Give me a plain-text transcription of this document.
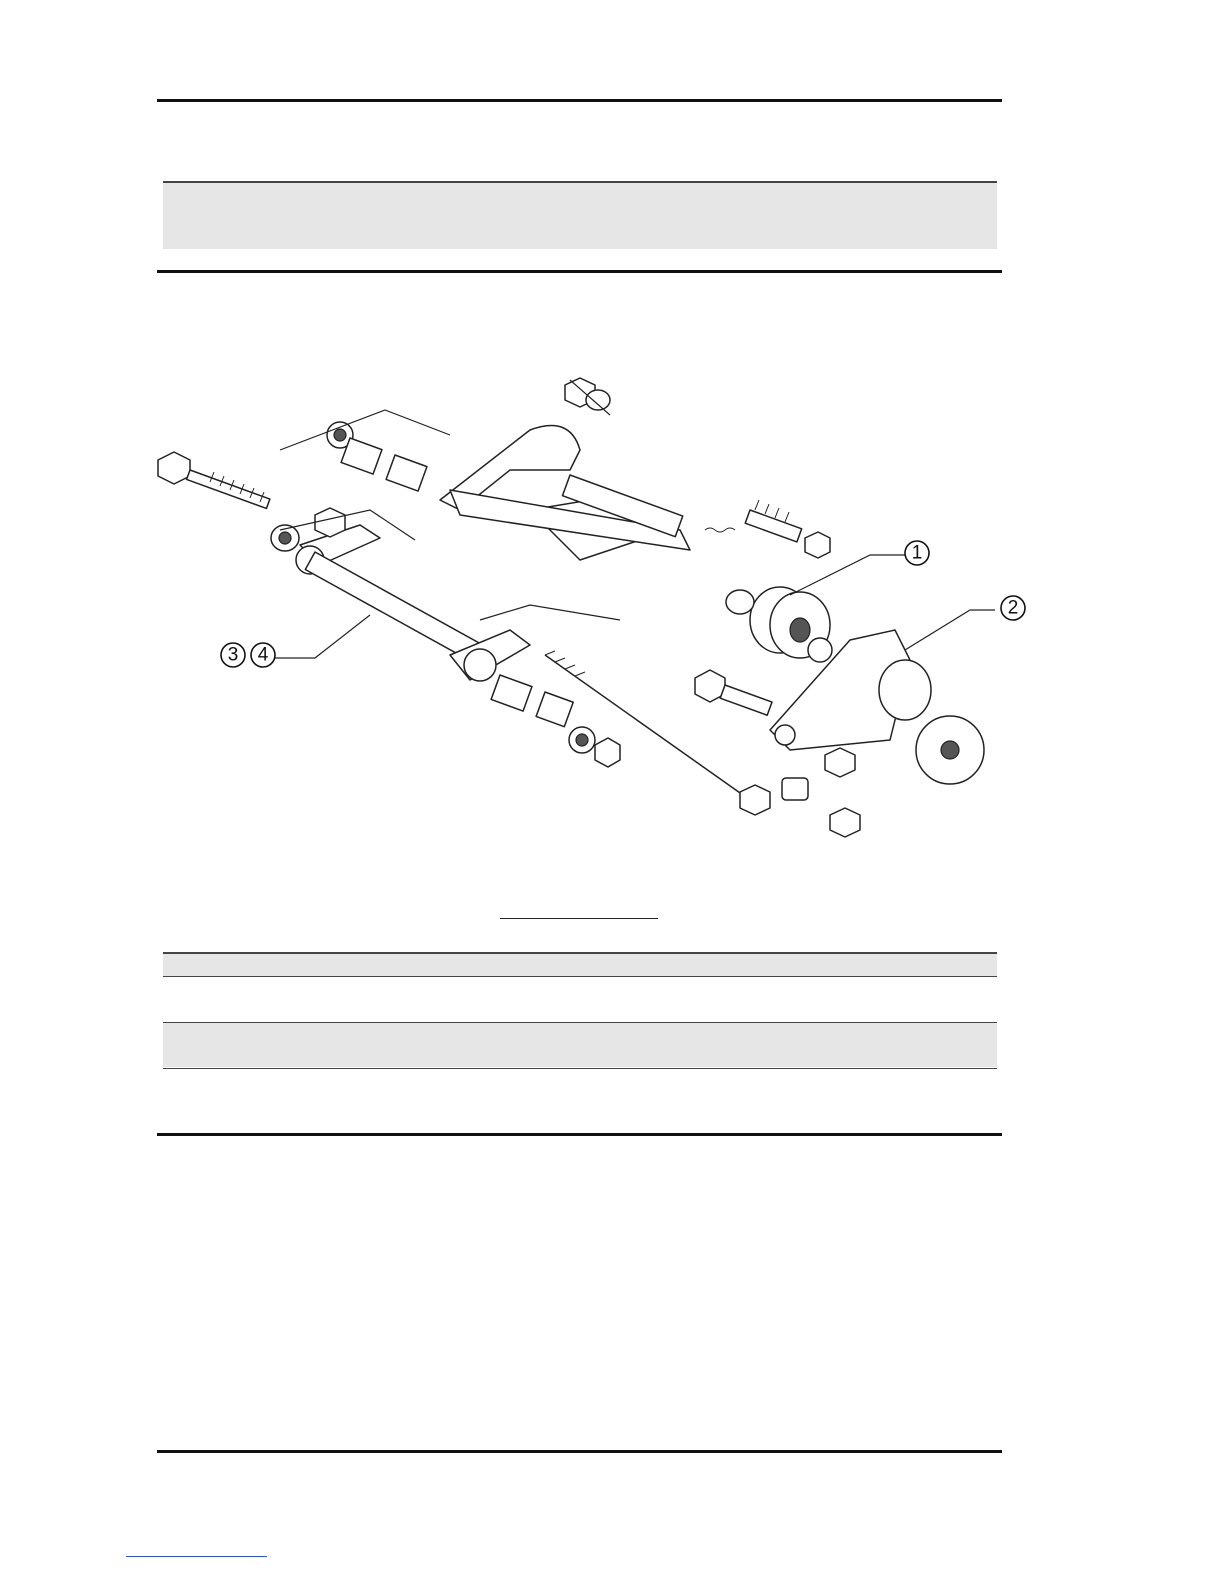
1
2
3 4
